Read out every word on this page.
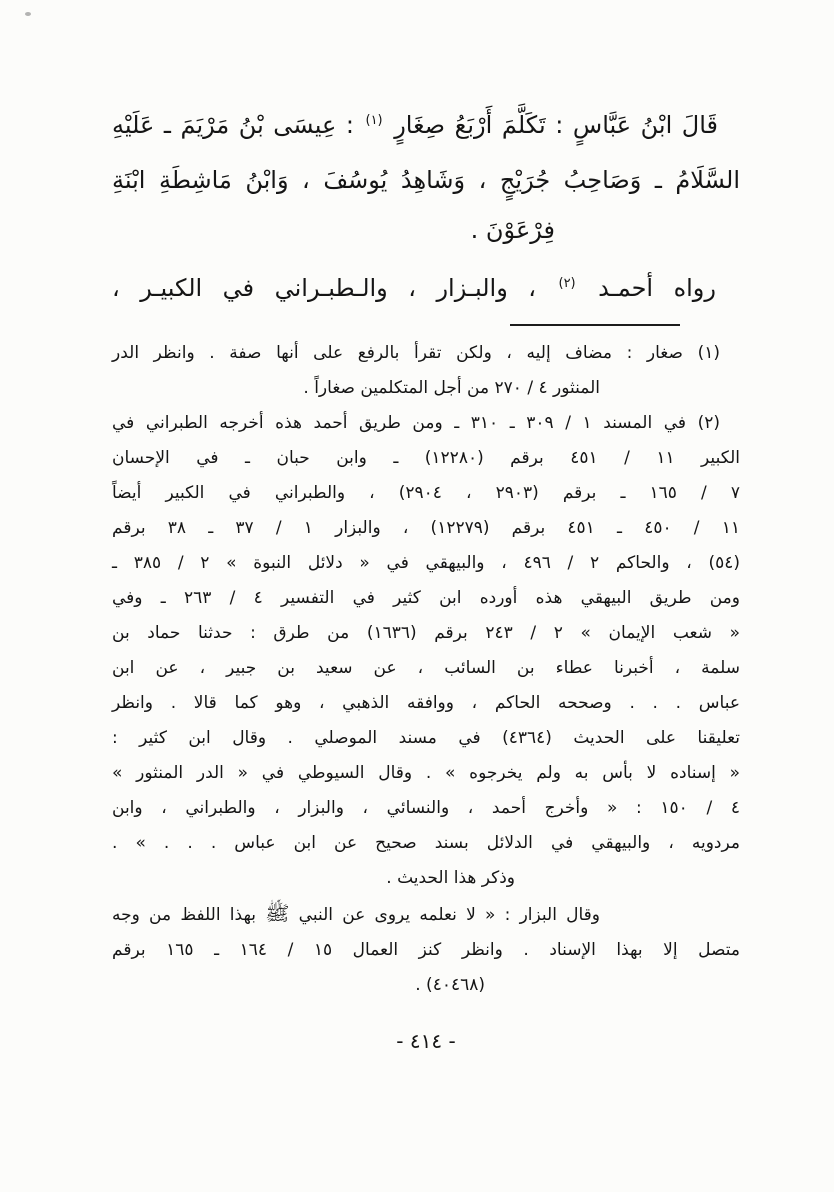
قَالَ ابْنُ عَبَّاسٍ : تَكَلَّمَ أَرْبَعُ صِغَارٍ $^{(١)}$ : عِيسَى بْنُ مَرْيَمَ ـ عَلَيْهِ
السَّلَامُ ـ وَصَاحِبُ جُرَيْجٍ ، وَشَاهِدُ يُوسُفَ ، وَابْنُ مَاشِطَةِ ابْنَةِ
فِرْعَوْنَ .
رواه أحمـد $^{(٢)}$ ، والبـزار ، والـطبـراني في الكبيـر ،
(١) صغار : مضاف إليه ، ولكن تقرأ بالرفع على أنها صفة . وانظر الدر
المنثور ٤ / ٢٧٠ من أجل المتكلمين صغاراً .
(٢) في المسند ١ / ٣٠٩ ـ ٣١٠ ـ ومن طريق أحمد هذه أخرجه الطبراني في
الكبير ١١ / ٤٥١ برقم (١٢٢٨٠) ـ وابن حبان ـ في الإحسان
٧ / ١٦٥ ـ برقم (٢٩٠٣ ، ٢٩٠٤) ، والطبراني في الكبير أيضاً
١١ / ٤٥٠ ـ ٤٥١ برقم (١٢٢٧٩) ، والبزار ١ / ٣٧ ـ ٣٨ برقم
(٥٤) ، والحاكم ٢ / ٤٩٦ ، والبيهقي في « دلائل النبوة » ٢ / ٣٨٥ ـ
ومن طريق البيهقي هذه أورده ابن كثير في التفسير ٤ / ٢٦٣ ـ وفي
« شعب الإيمان » ٢ / ٢٤٣ برقم (١٦٣٦) من طرق : حدثنا حماد بن
سلمة ، أخبرنا عطاء بن السائب ، عن سعيد بن جبير ، عن ابن
عباس . . . وصححه الحاكم ، ووافقه الذهبي ، وهو كما قالا . وانظر
تعليقنا على الحديث (٤٣٦٤) في مسند الموصلي . وقال ابن كثير :
« إسناده لا بأس به ولم يخرجوه » . وقال السيوطي في « الدر المنثور »
٤ / ١٥٠ : « وأخرج أحمد ، والنسائي ، والبزار ، والطبراني ، وابن
مردويه ، والبيهقي في الدلائل بسند صحيح عن ابن عباس . . . » .
وذكر هذا الحديث .
وقال البزار : « لا نعلمه يروى عن النبي ﷺ بهذا اللفظ من وجه
متصل إلا بهذا الإسناد . وانظر كنز العمال ١٥ / ١٦٤ ـ ١٦٥ برقم
(٤٠٤٦٨) .
- ٤١٤ -
